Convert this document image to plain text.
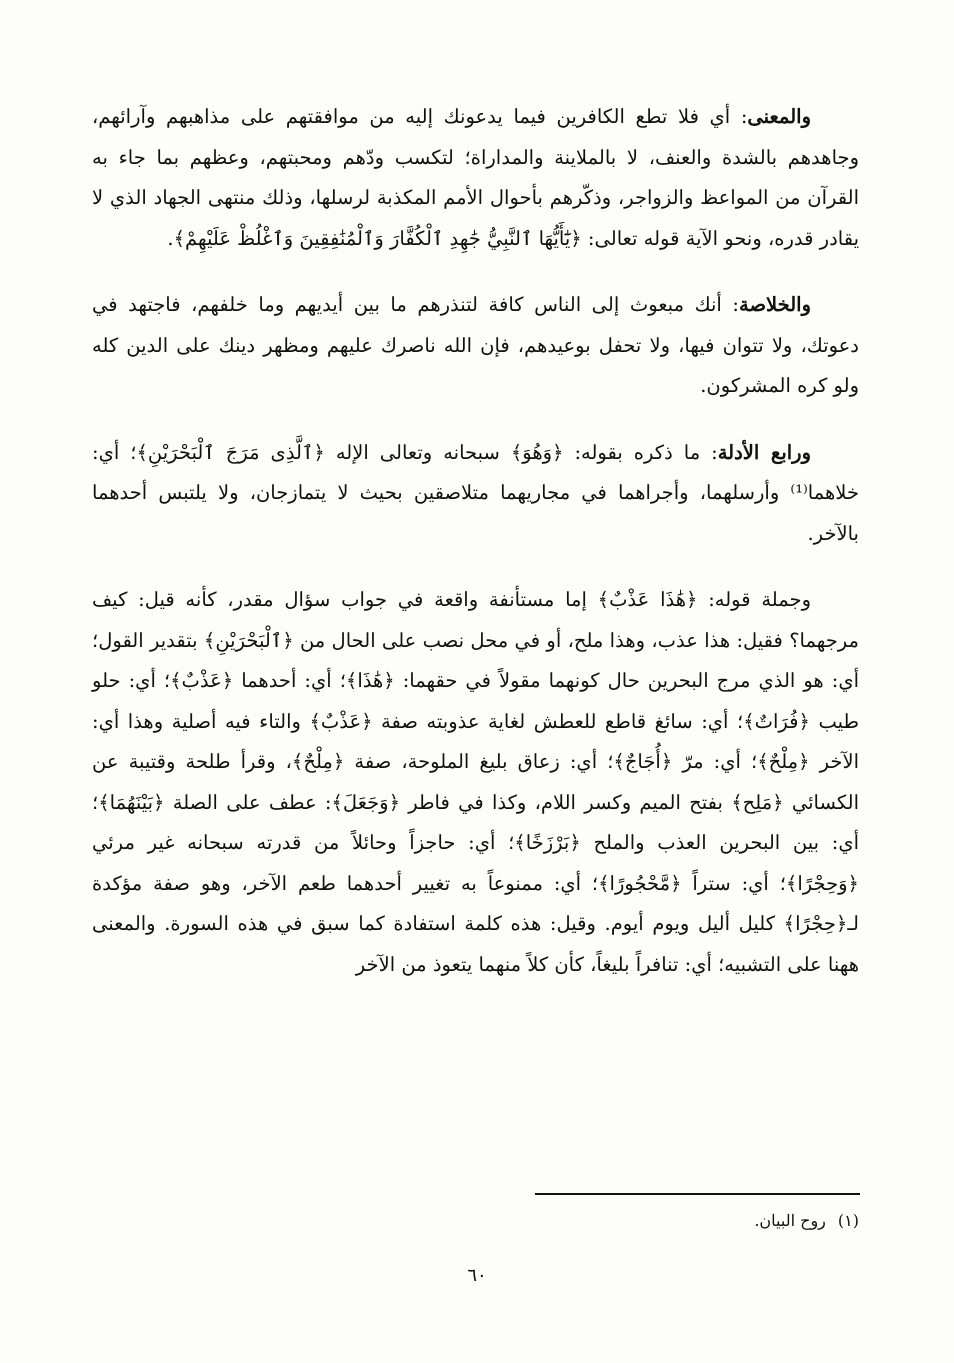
والمعنى: أي فلا تطع الكافرين فيما يدعونك إليه من موافقتهم على مذاهبهم وآرائهم، وجاهدهم بالشدة والعنف، لا بالملاينة والمداراة؛ لتكسب ودّهم ومحبتهم، وعظهم بما جاء به القرآن من المواعظ والزواجر، وذكّرهم بأحوال الأمم المكذبة لرسلها، وذلك منتهى الجهاد الذي لا يقادر قدره، ونحو الآية قوله تعالى: ﴿يَٰٓأَيُّهَا ٱلنَّبِيُّ جَٰهِدِ ٱلْكُفَّارَ وَٱلْمُنَٰفِقِينَ وَٱغْلُظْ عَلَيْهِمْ﴾.

والخلاصة: أنك مبعوث إلى الناس كافة لتنذرهم ما بين أيديهم وما خلفهم، فاجتهد في دعوتك، ولا تتوان فيها، ولا تحفل بوعيدهم، فإن الله ناصرك عليهم ومظهر دينك على الدين كله ولو كره المشركون.

ورابع الأدلة: ما ذكره بقوله: ﴿وَهُوَ﴾ سبحانه وتعالى الإله ﴿ٱلَّذِى مَرَجَ ٱلْبَحْرَيْنِ﴾؛ أي: خلاهما⁽¹⁾ وأرسلهما، وأجراهما في مجاريهما متلاصقين بحيث لا يتمازجان، ولا يلتبس أحدهما بالآخر.

وجملة قوله: ﴿هَٰذَا عَذْبٌ﴾ إما مستأنفة واقعة في جواب سؤال مقدر، كأنه قيل: كيف مرجهما؟ فقيل: هذا عذب، وهذا ملح، أو في محل نصب على الحال من ﴿ٱلْبَحْرَيْنِ﴾ بتقدير القول؛ أي: هو الذي مرج البحرين حال كونهما مقولاً في حقهما: ﴿هَٰذَا﴾؛ أي: أحدهما ﴿عَذْبٌ﴾؛ أي: حلو طيب ﴿فُرَاتٌ﴾؛ أي: سائغ قاطع للعطش لغاية عذوبته صفة ﴿عَذْبٌ﴾ والتاء فيه أصلية وهذا أي: الآخر ﴿مِلْحٌ﴾؛ أي: مرّ ﴿أُجَاجٌ﴾؛ أي: زعاق بليغ الملوحة، صفة ﴿مِلْحٌ﴾، وقرأ طلحة وقتيبة عن الكسائي ﴿مَلِح﴾ بفتح الميم وكسر اللام، وكذا في فاطر ﴿وَجَعَلَ﴾: عطف على الصلة ﴿بَيْنَهُمَا﴾؛ أي: بين البحرين العذب والملح ﴿بَرْزَخًا﴾؛ أي: حاجزاً وحائلاً من قدرته سبحانه غير مرئي ﴿وَحِجْرًا﴾؛ أي: ستراً ﴿مَّحْجُورًا﴾؛ أي: ممنوعاً به تغيير أحدهما طعم الآخر، وهو صفة مؤكدة لـ﴿حِجْرًا﴾ كليل أليل ويوم أيوم. وقيل: هذه كلمة استفادة كما سبق في هذه السورة. والمعنى ههنا على التشبيه؛ أي: تنافراً بليغاً، كأن كلاً منهما يتعوذ من الآخر

(١)روح البيان.
٦٠
